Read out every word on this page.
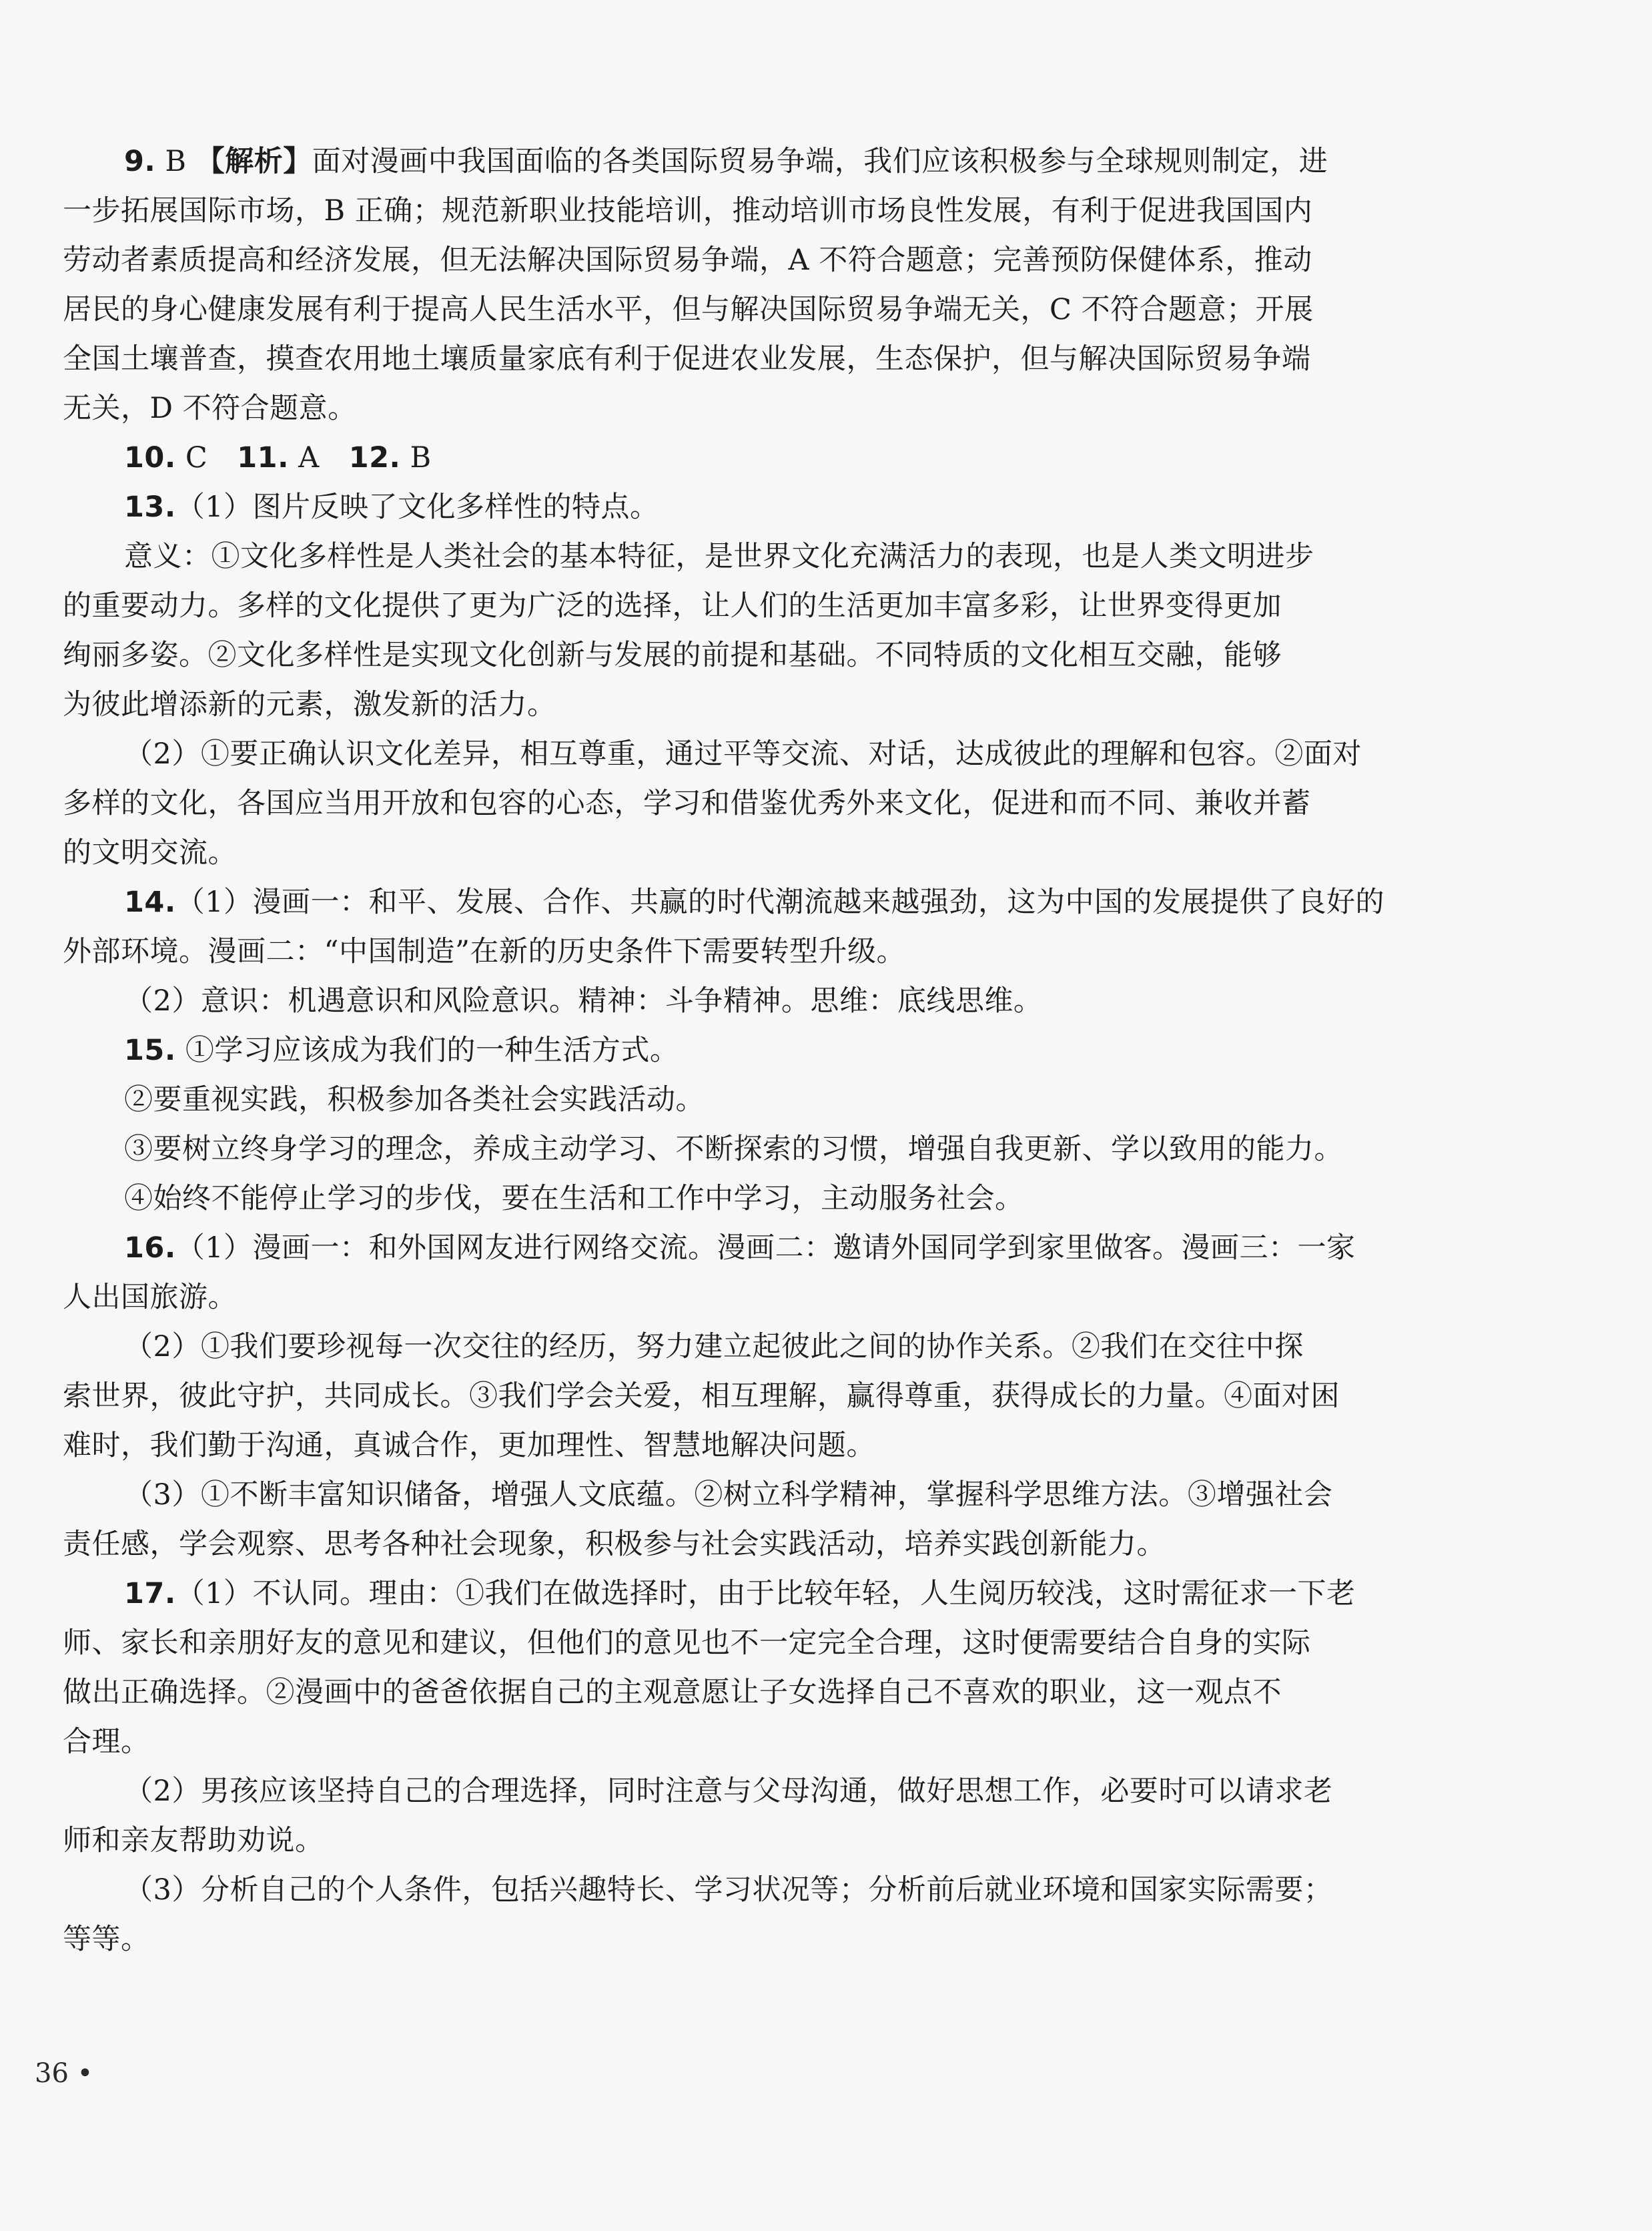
9. B 【解析】面对漫画中我国面临的各类国际贸易争端，我们应该积极参与全球规则制定，进
一步拓展国际市场，B 正确；规范新职业技能培训，推动培训市场良性发展，有利于促进我国国内
劳动者素质提高和经济发展，但无法解决国际贸易争端，A 不符合题意；完善预防保健体系，推动
居民的身心健康发展有利于提高人民生活水平，但与解决国际贸易争端无关，C 不符合题意；开展
全国土壤普查，摸查农用地土壤质量家底有利于促进农业发展，生态保护，但与解决国际贸易争端
无关，D 不符合题意。
10. C 11. A 12. B
13.（1）图片反映了文化多样性的特点。
意义：①文化多样性是人类社会的基本特征，是世界文化充满活力的表现，也是人类文明进步
的重要动力。多样的文化提供了更为广泛的选择，让人们的生活更加丰富多彩，让世界变得更加
绚丽多姿。②文化多样性是实现文化创新与发展的前提和基础。不同特质的文化相互交融，能够
为彼此增添新的元素，激发新的活力。
（2）①要正确认识文化差异，相互尊重，通过平等交流、对话，达成彼此的理解和包容。②面对
多样的文化，各国应当用开放和包容的心态，学习和借鉴优秀外来文化，促进和而不同、兼收并蓄
的文明交流。
14.（1）漫画一：和平、发展、合作、共赢的时代潮流越来越强劲，这为中国的发展提供了良好的
外部环境。漫画二：“中国制造”在新的历史条件下需要转型升级。
（2）意识：机遇意识和风险意识。精神：斗争精神。思维：底线思维。
15. ①学习应该成为我们的一种生活方式。
②要重视实践，积极参加各类社会实践活动。
③要树立终身学习的理念，养成主动学习、不断探索的习惯，增强自我更新、学以致用的能力。
④始终不能停止学习的步伐，要在生活和工作中学习，主动服务社会。
16.（1）漫画一：和外国网友进行网络交流。漫画二：邀请外国同学到家里做客。漫画三：一家
人出国旅游。
（2）①我们要珍视每一次交往的经历，努力建立起彼此之间的协作关系。②我们在交往中探
索世界，彼此守护，共同成长。③我们学会关爱，相互理解，赢得尊重，获得成长的力量。④面对困
难时，我们勤于沟通，真诚合作，更加理性、智慧地解决问题。
（3）①不断丰富知识储备，增强人文底蕴。②树立科学精神，掌握科学思维方法。③增强社会
责任感，学会观察、思考各种社会现象，积极参与社会实践活动，培养实践创新能力。
17.（1）不认同。理由：①我们在做选择时，由于比较年轻，人生阅历较浅，这时需征求一下老
师、家长和亲朋好友的意见和建议，但他们的意见也不一定完全合理，这时便需要结合自身的实际
做出正确选择。②漫画中的爸爸依据自己的主观意愿让子女选择自己不喜欢的职业，这一观点不
合理。
（2）男孩应该坚持自己的合理选择，同时注意与父母沟通，做好思想工作，必要时可以请求老
师和亲友帮助劝说。
（3）分析自己的个人条件，包括兴趣特长、学习状况等；分析前后就业环境和国家实际需要；
等等。
36 •
